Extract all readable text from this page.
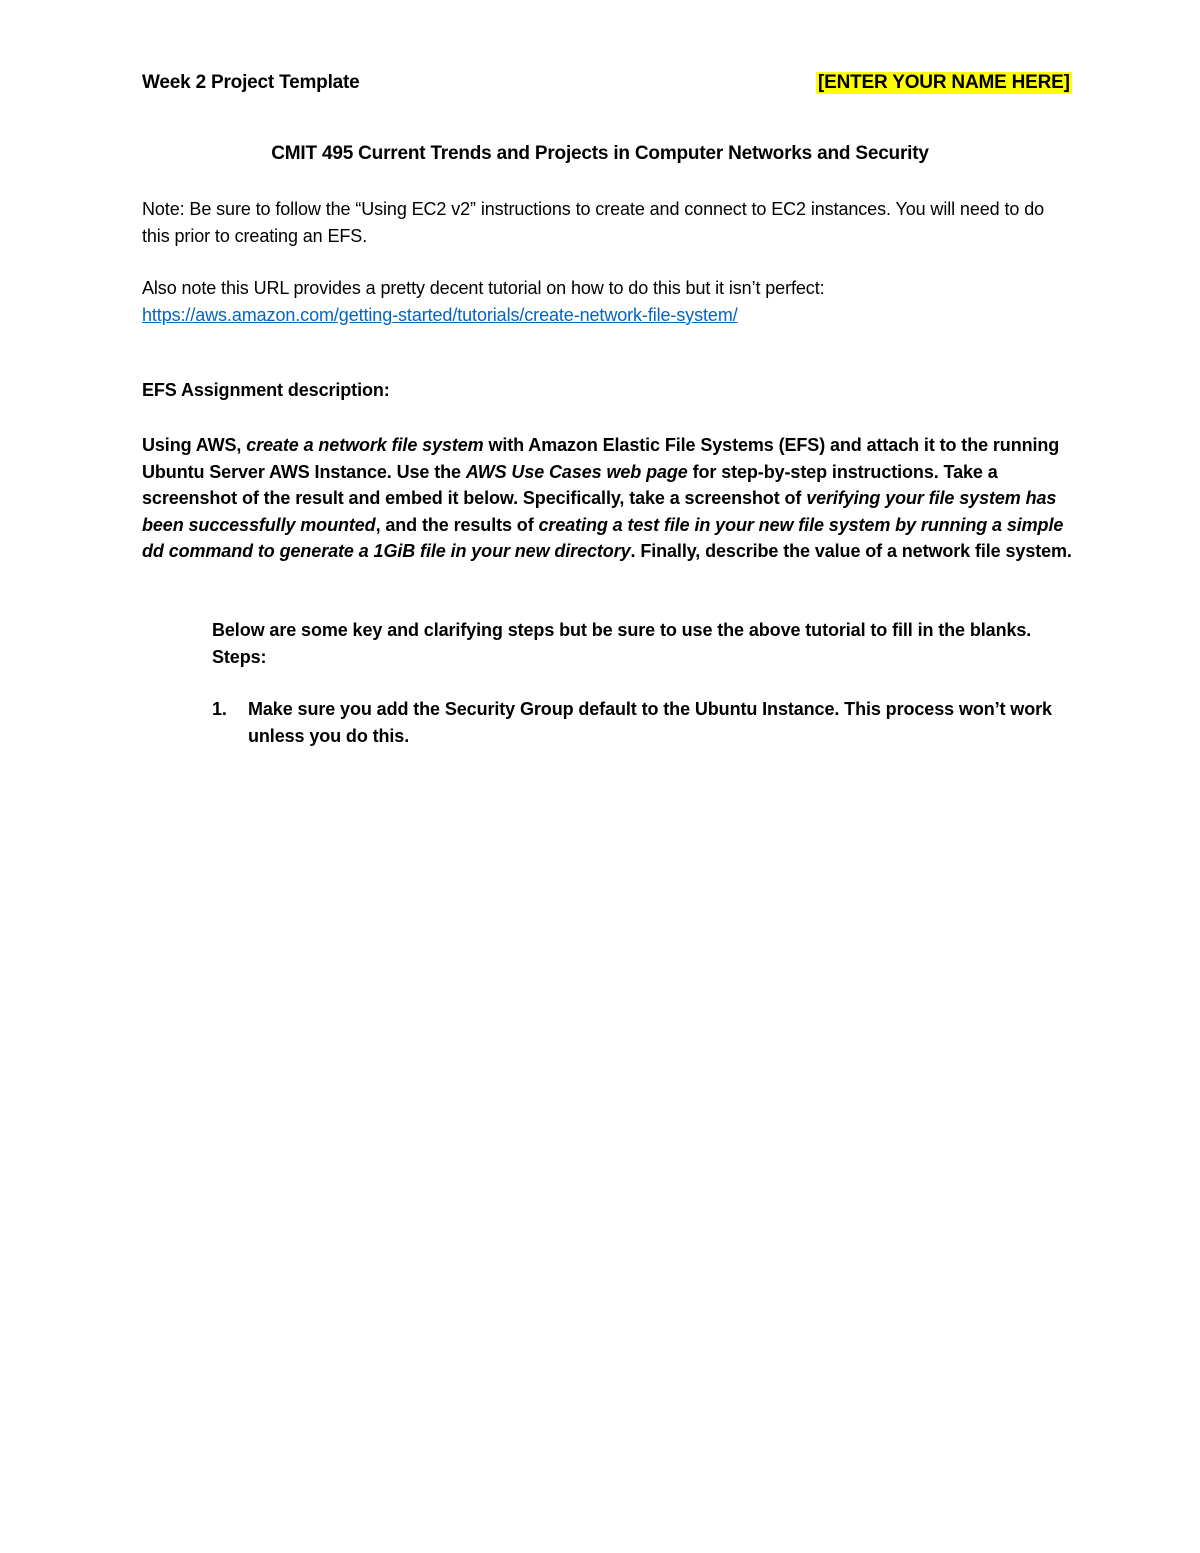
Week 2 Project Template	[ENTER YOUR NAME HERE]
CMIT 495 Current Trends and Projects in Computer Networks and Security
Note: Be sure to follow the “Using EC2 v2” instructions to create and connect to EC2 instances. You will need to do this prior to creating an EFS.
Also note this URL provides a pretty decent tutorial on how to do this but it isn’t perfect:
https://aws.amazon.com/getting-started/tutorials/create-network-file-system/
EFS Assignment description:
Using AWS, create a network file system with Amazon Elastic File Systems (EFS) and attach it to the running Ubuntu Server AWS Instance. Use the AWS Use Cases web page for step-by-step instructions. Take a screenshot of the result and embed it below. Specifically, take a screenshot of verifying your file system has been successfully mounted, and the results of creating a test file in your new file system by running a simple dd command to generate a 1GiB file in your new directory. Finally, describe the value of a network file system.
Below are some key and clarifying steps but be sure to use the above tutorial to fill in the blanks.
Steps:
1.	Make sure you add the Security Group default to the Ubuntu Instance. This process won’t work unless you do this.
